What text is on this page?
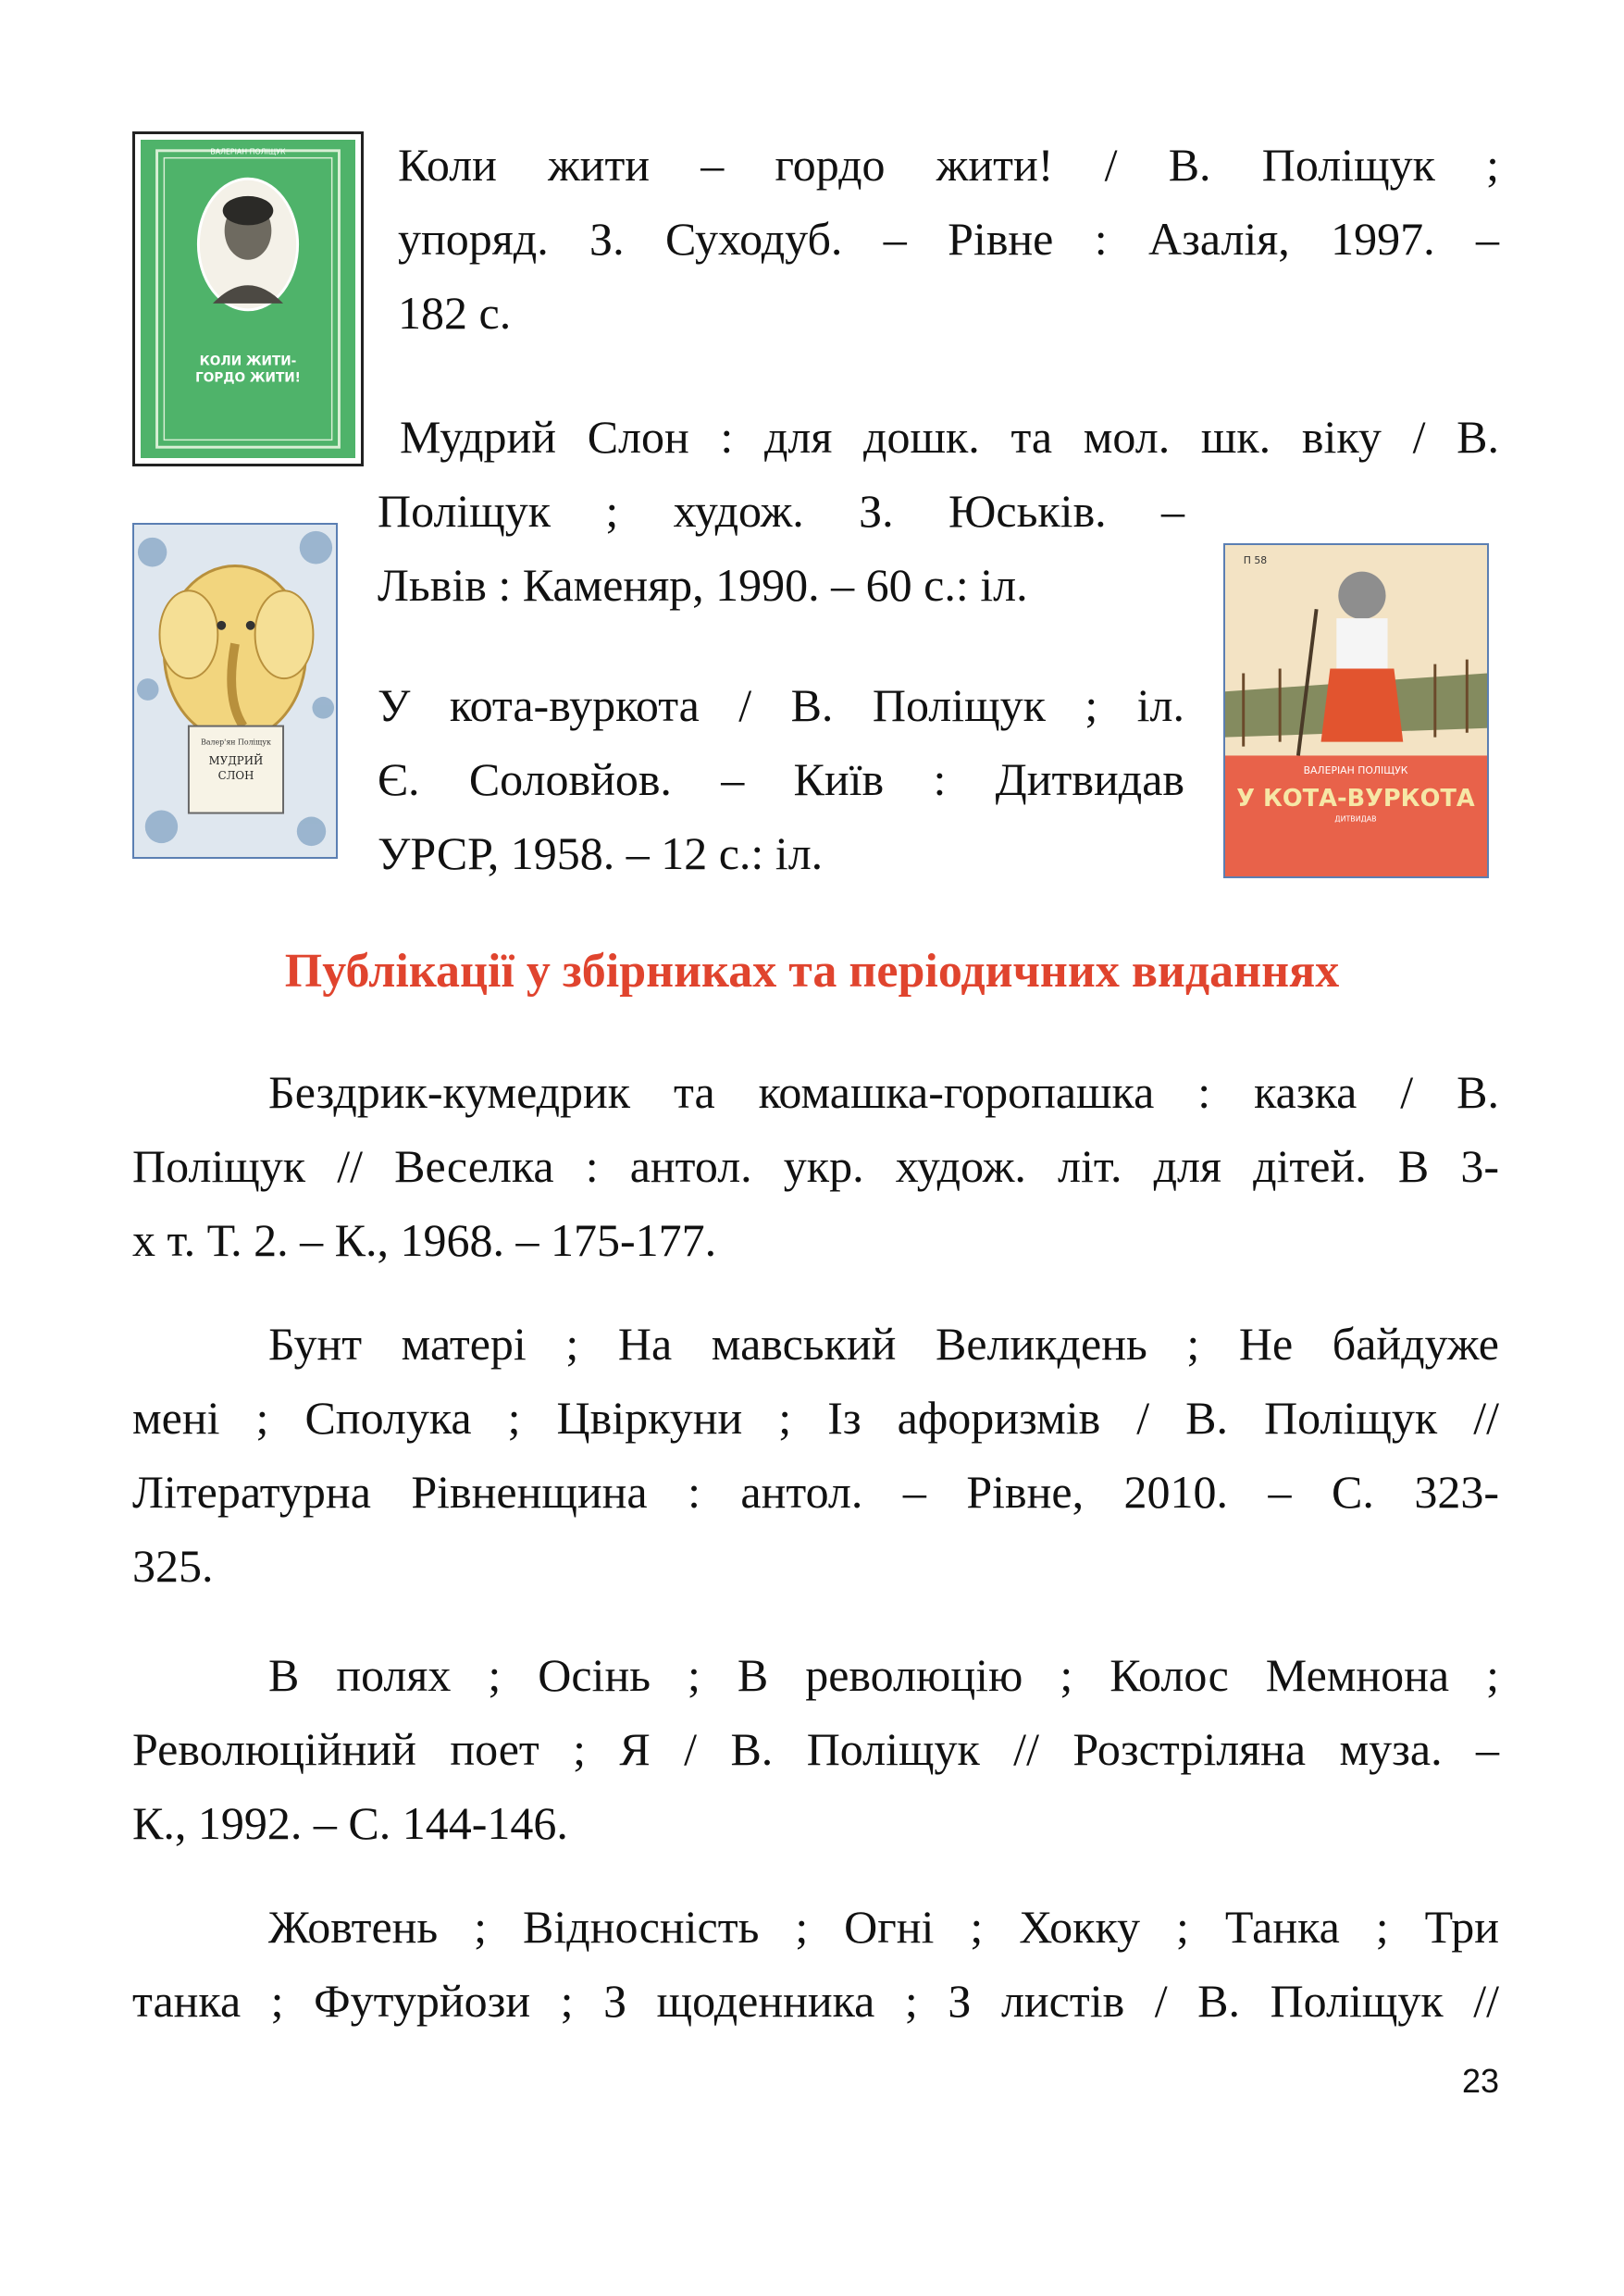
ВАЛЕРІАН ПОЛІЩУК
КОЛИ ЖИТИ-
ГОРДО ЖИТИ!
Коли жити – гордо жити! / В. Поліщук ;
упоряд. З. Суходуб. – Рівне : Азалія, 1997. –
182 с.
Мудрий Слон : для дошк. та мол. шк. віку / В.
Поліщук ; худож. З. Юськів. –
Львів : Каменяр, 1990. – 60 с.: іл.
Валер'ян Поліщук
МУДРИЙ
СЛОН
П 58
ВАЛЕРІАН ПОЛІЩУК
У КОТА-ВУРКОТА
ДИТВИДАВ
У кота-вуркота / В. Поліщук ; іл.
Є. Соловйов. – Київ : Дитвидав
УРСР, 1958. – 12 с.: іл.
Публікації у збірниках та періодичних виданнях
Бездрик-кумедрик та комашка-горопашка : казка / В.
Поліщук // Веселка : антол. укр. худож. літ. для дітей. В 3-
х т. Т. 2. – К., 1968. – 175-177.
Бунт матері ; На мавський Великдень ; Не байдуже
мені ; Сполука ; Цвіркуни ; Із афоризмів / В. Поліщук //
Літературна Рівненщина : антол. – Рівне, 2010. – С. 323-
325.
В полях ; Осінь ; В революцію ; Колос Мемнона ;
Революційний поет ; Я / В. Поліщук // Розстріляна муза. –
К., 1992. – С. 144-146.
Жовтень ; Відносність ; Огні ; Хокку ; Танка ; Три
танка ; Футурйози ; З щоденника ; З листів / В. Поліщук //
23
